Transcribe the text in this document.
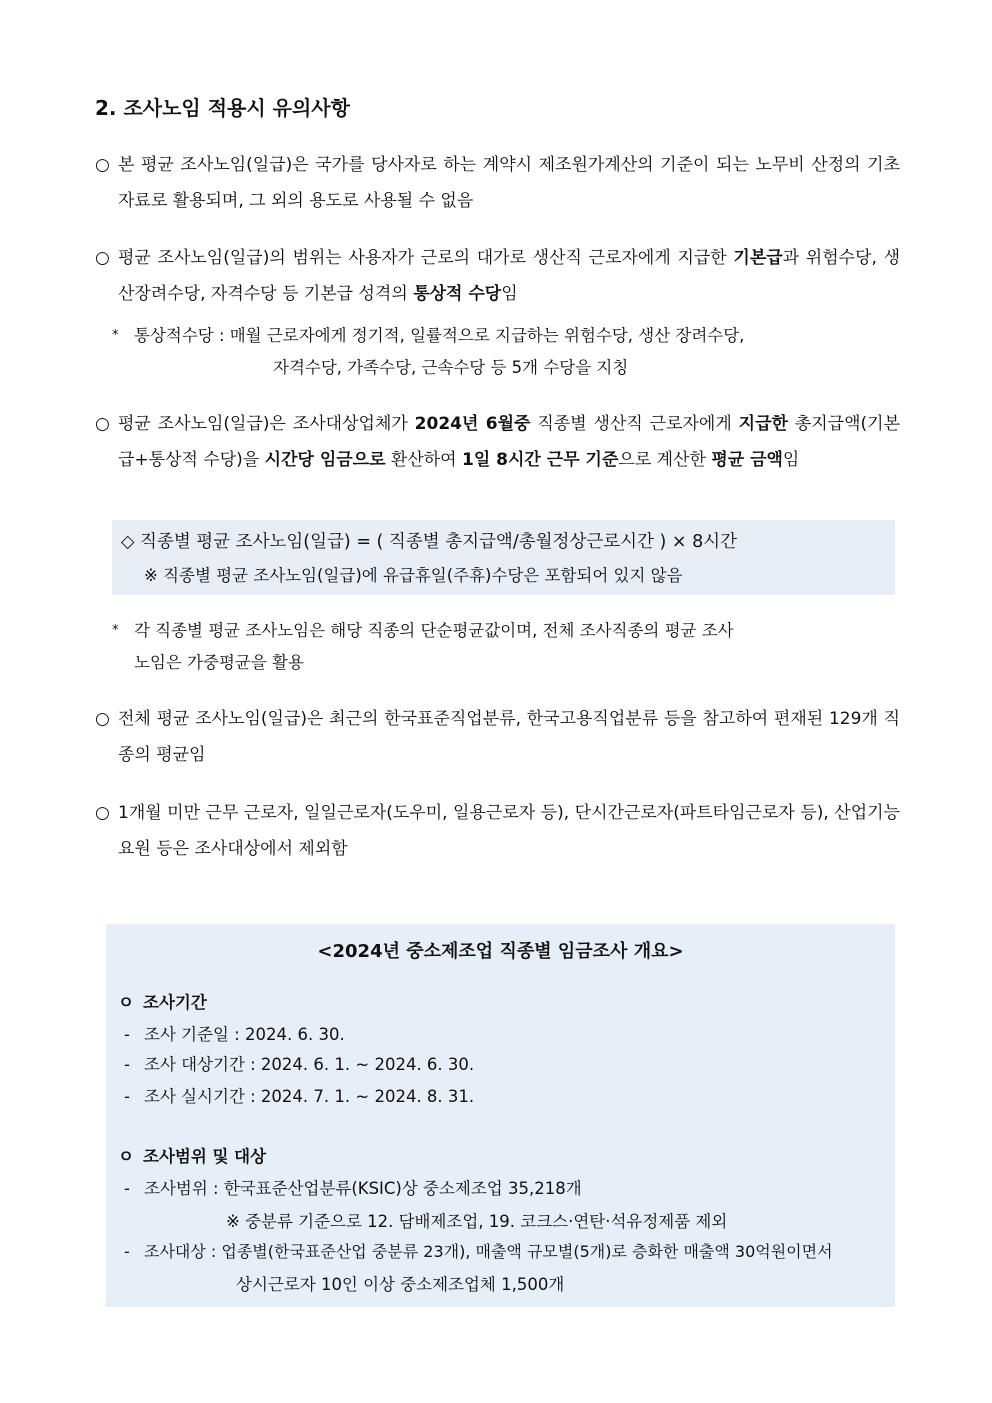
2. 조사노임 적용시 유의사항
○ 본 평균 조사노임(일급)은 국가를 당사자로 하는 계약시 제조원가계산의 기준이 되는 노무비 산정의 기초자료로 활용되며, 그 외의 용도로 사용될 수 없음
○ 평균 조사노임(일급)의 범위는 사용자가 근로의 대가로 생산직 근로자에게 지급한 기본급과 위험수당, 생산장려수당, 자격수당 등 기본급 성격의 통상적 수당임
* 통상적수당 : 매월 근로자에게 정기적, 일률적으로 지급하는 위험수당, 생산 장려수당,
자격수당, 가족수당, 근속수당 등 5개 수당을 지칭
○ 평균 조사노임(일급)은 조사대상업체가 2024년 6월중 직종별 생산직 근로자에게 지급한 총지급액(기본급+통상적 수당)을 시간당 임금으로 환산하여 1일 8시간 근무 기준으로 계산한 평균 금액임
◇ 직종별 평균 조사노임(일급) = ( 직종별 총지급액/총월정상근로시간 ) × 8시간
※ 직종별 평균 조사노임(일급)에 유급휴일(주휴)수당은 포함되어 있지 않음
* 각 직종별 평균 조사노임은 해당 직종의 단순평균값이며, 전체 조사직종의 평균 조사
노임은 가중평균을 활용
○ 전체 평균 조사노임(일급)은 최근의 한국표준직업분류, 한국고용직업분류 등을 참고하여 편재된 129개 직종의 평균임
○ 1개월 미만 근무 근로자, 일일근로자(도우미, 일용근로자 등), 단시간근로자(파트타임근로자 등), 산업기능요원 등은 조사대상에서 제외함
<2024년 중소제조업 직종별 임금조사 개요>
ㅇ 조사기간
- 조사 기준일 : 2024. 6. 30.
- 조사 대상기간 : 2024. 6. 1. ~ 2024. 6. 30.
- 조사 실시기간 : 2024. 7. 1. ~ 2024. 8. 31.
ㅇ 조사범위 및 대상
- 조사범위 : 한국표준산업분류(KSIC)상 중소제조업 35,218개
※ 중분류 기준으로 12. 담배제조업, 19. 코크스·연탄·석유정제품 제외
- 조사대상 : 업종별(한국표준산업 중분류 23개), 매출액 규모별(5개)로 층화한 매출액 30억원이면서
상시근로자 10인 이상 중소제조업체 1,500개
